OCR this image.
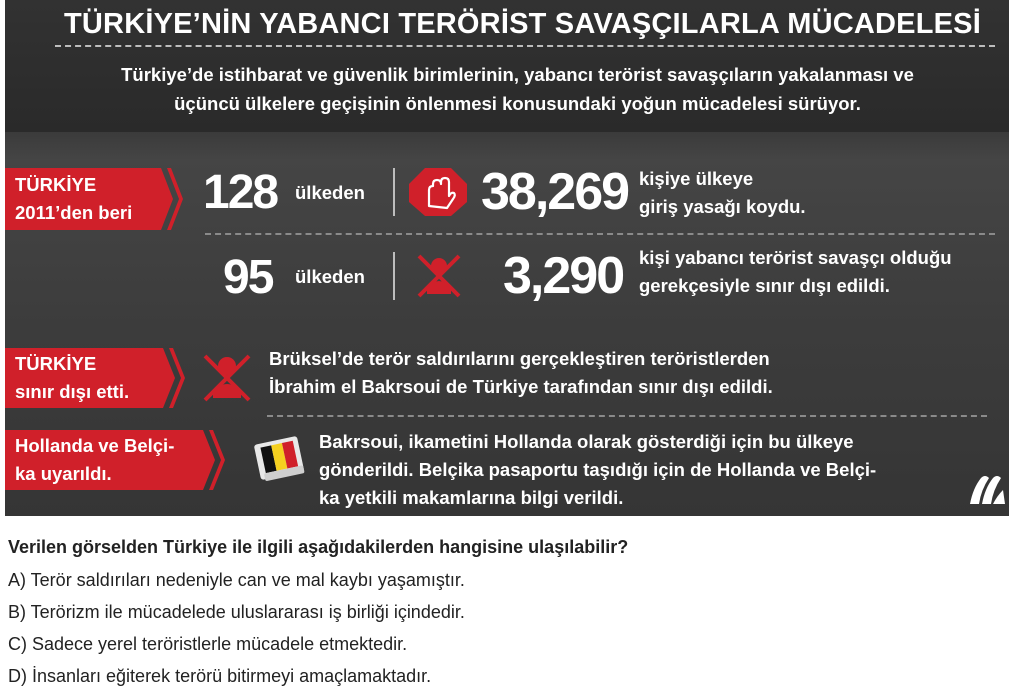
TÜRKİYE’NİN YABANCI TERÖRİST SAVAŞÇILARLA MÜCADELESİ
Türkiye’de istihbarat ve güvenlik birimlerinin, yabancı terörist savaşçıların yakalanması ve
üçüncü ülkelere geçişinin önlenmesi konusundaki yoğun mücadelesi sürüyor.
TÜRKİYE
2011’den beri	128 ülkeden 38,269 kişiye ülkeye
giriş yasağı koydu.
95 ülkeden	3,290 kişi yabancı terörist savaşçı olduğu
gerekçesiyle sınır dışı edildi.
TÜRKİYE
sınır dışı etti.
Brüksel’de terör saldırılarını gerçekleştiren teröristlerden
İbrahim el Bakrsoui de Türkiye tarafından sınır dışı edildi.
Hollanda ve Belçi-
ka uyarıldı.
Bakrsoui, ikametini Hollanda olarak gösterdiği için bu ülkeye
gönderildi. Belçika pasaportu taşıdığı için de Hollanda ve Belçi-
ka yetkili makamlarına bilgi verildi.
Verilen görselden Türkiye ile ilgili aşağıdakilerden hangisine ulaşılabilir?
A) Terör saldırıları nedeniyle can ve mal kaybı yaşamıştır.
B) Terörizm ile mücadelede uluslararası iş birliği içindedir.
C) Sadece yerel teröristlerle mücadele etmektedir.
D) İnsanları eğiterek terörü bitirmeyi amaçlamaktadır.
